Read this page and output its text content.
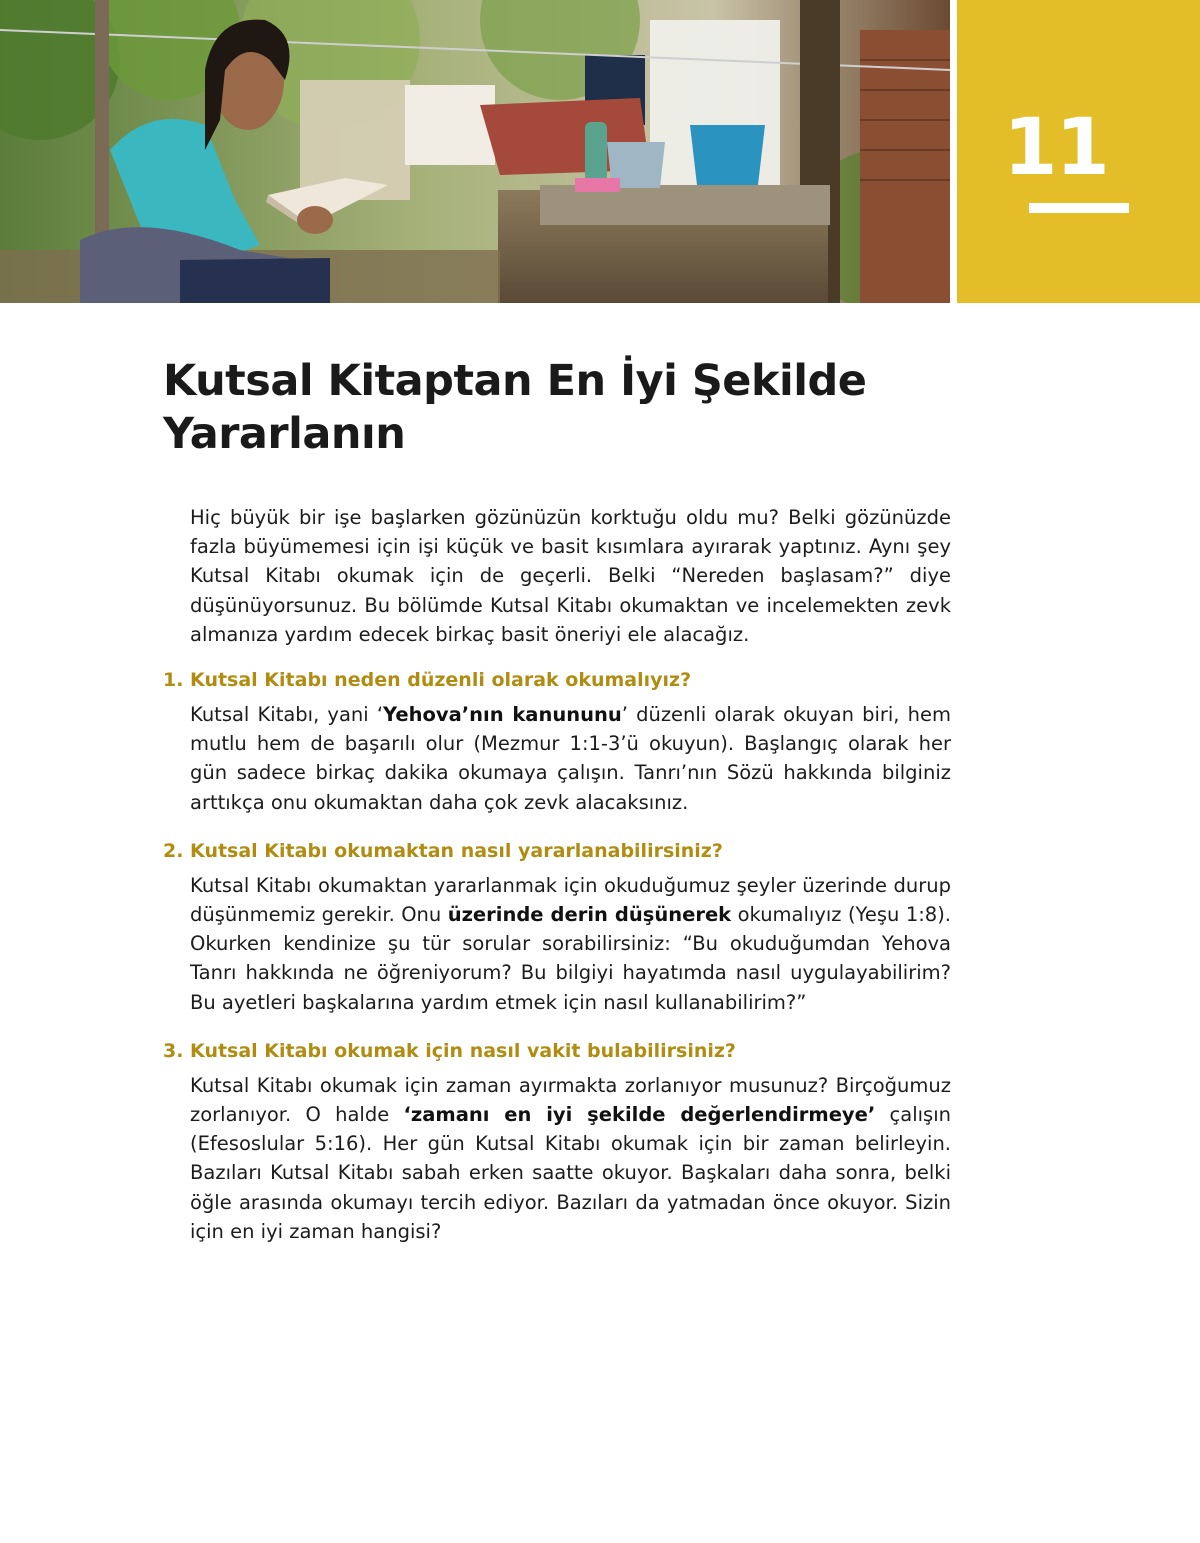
11
Kutsal Kitaptan En İyi Şekilde
Yararlanın

Hiç büyük bir işe başlarken gözünüzün korktuğu oldu mu? Belki gözünüzde fazla büyümemesi için işi küçük ve basit kısımlara ayırarak yaptınız. Aynı şey Kutsal Kitabı okumak için de geçerli. Belki “Nereden başlasam?” diye düşünüyorsunuz. Bu bölümde Kutsal Kitabı okumaktan ve incelemekten zevk almanıza yardım edecek birkaç basit öneriyi ele alacağız.

1. Kutsal Kitabı neden düzenli olarak okumalıyız?

Kutsal Kitabı, yani ‘Yehova’nın kanununu’ düzenli olarak okuyan biri, hem mutlu hem de başarılı olur (Mezmur 1:1-3’ü okuyun). Başlangıç olarak her gün sadece birkaç dakika okumaya çalışın. Tanrı’nın Sözü hakkında bilginiz arttıkça onu okumaktan daha çok zevk alacaksınız.

2. Kutsal Kitabı okumaktan nasıl yararlanabilirsiniz?

Kutsal Kitabı okumaktan yararlanmak için okuduğumuz şeyler üzerinde durup düşünmemiz gerekir. Onu üzerinde derin düşünerek okumalıyız (Yeşu 1:8). Okurken kendinize şu tür sorular sorabilirsiniz: “Bu okuduğumdan Yehova Tanrı hakkında ne öğreniyorum? Bu bilgiyi hayatımda nasıl uygulayabilirim? Bu ayetleri başkalarına yardım etmek için nasıl kullanabilirim?”

3. Kutsal Kitabı okumak için nasıl vakit bulabilirsiniz?

Kutsal Kitabı okumak için zaman ayırmakta zorlanıyor musunuz? Birçoğumuz zorlanıyor. O halde ‘zamanı en iyi şekilde değerlendirmeye’ çalışın (Efesoslular 5:16). Her gün Kutsal Kitabı okumak için bir zaman belirleyin. Bazıları Kutsal Kitabı sabah erken saatte okuyor. Başkaları daha sonra, belki öğle arasında okumayı tercih ediyor. Bazıları da yatmadan önce okuyor. Sizin için en iyi zaman hangisi?
